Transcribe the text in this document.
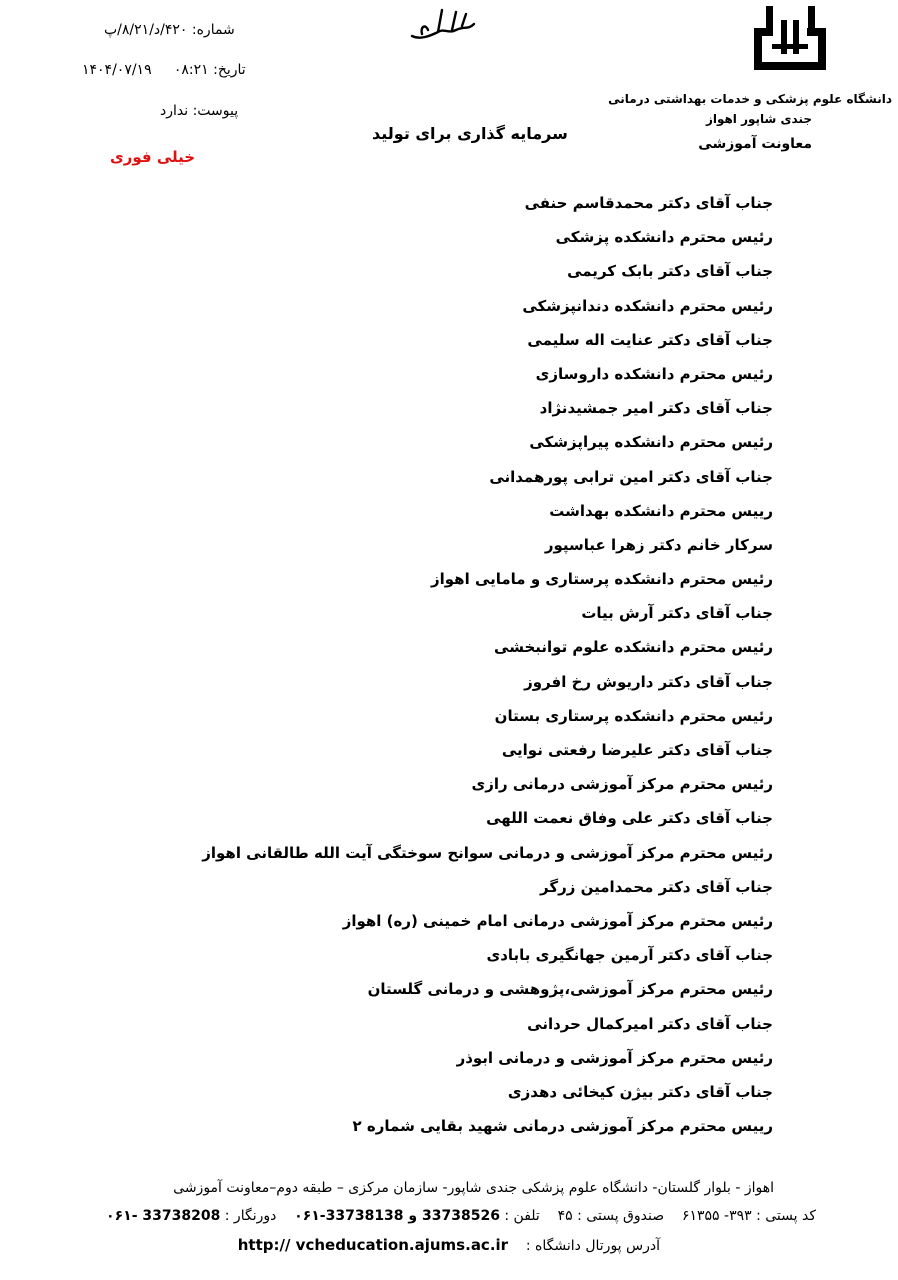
شماره: ۴۲۰/د/۸/۲۱/پ
تاریخ: ۰۸:۲۱     ۱۴۰۴/۰۷/۱۹
پیوست: ندارد
خیلی فوری
سرمایه گذاری برای تولید
دانشگاه علوم پزشکی و خدمات بهداشتی درمانی
جندی شاپور اهواز
معاونت آموزشی
جناب آقای دکتر محمدقاسم حنفی
رئیس محترم دانشکده پزشکی
جناب آقای دکتر بابک کریمی
رئیس محترم دانشکده دندانپزشکی
جناب آقای دکتر عنایت اله سلیمی
رئیس محترم دانشکده داروسازی
جناب آقای دکتر امیر جمشیدنژاد
رئیس محترم دانشکده پیراپزشکی
جناب آقای دکتر امین ترابی پورهمدانی
رییس محترم دانشکده بهداشت
سرکار خانم دکتر زهرا عباسپور
رئیس محترم دانشکده پرستاری و مامایی اهواز
جناب آقای دکتر آرش بیات
رئیس محترم دانشکده علوم توانبخشی
جناب آقای دکتر داریوش رخ افروز
رئیس محترم دانشکده پرستاری بستان
جناب آقای دکتر علیرضا رفعتی نوایی
رئیس محترم مرکز آموزشی درمانی رازی
جناب آقای دکتر علی وفاق نعمت اللهی
رئیس محترم مرکز آموزشی و درمانی سوانح سوختگی آیت الله طالقانی اهواز
جناب آقای دکتر محمدامین زرگر
رئیس محترم مرکز آموزشی درمانی امام خمینی (ره) اهواز
جناب آقای دکتر آرمین جهانگیری بابادی
رئیس محترم مرکز آموزشی،پژوهشی و درمانی گلستان
جناب آقای دکتر امیرکمال حردانی
رئیس محترم مرکز آموزشی و درمانی ابوذر
جناب آقای دکتر بیژن کیخائی دهدزی
رییس محترم مرکز آموزشی درمانی شهید بقایی شماره ۲
اهواز - بلوار گلستان- دانشگاه علوم پزشکی جندی شاپور- سازمان مرکزی – طبقه دوم–معاونت آموزشی
کد پستی : ۳۹۳- ۶۱۳۵۵    صندوق پستی : ۴۵    تلفن : 33738526 و 33738138-۰۶۱    دورنگار : 33738208 -۰۶۱
آدرس پورتال دانشگاه :    http:// vcheducation.ajums.ac.ir
